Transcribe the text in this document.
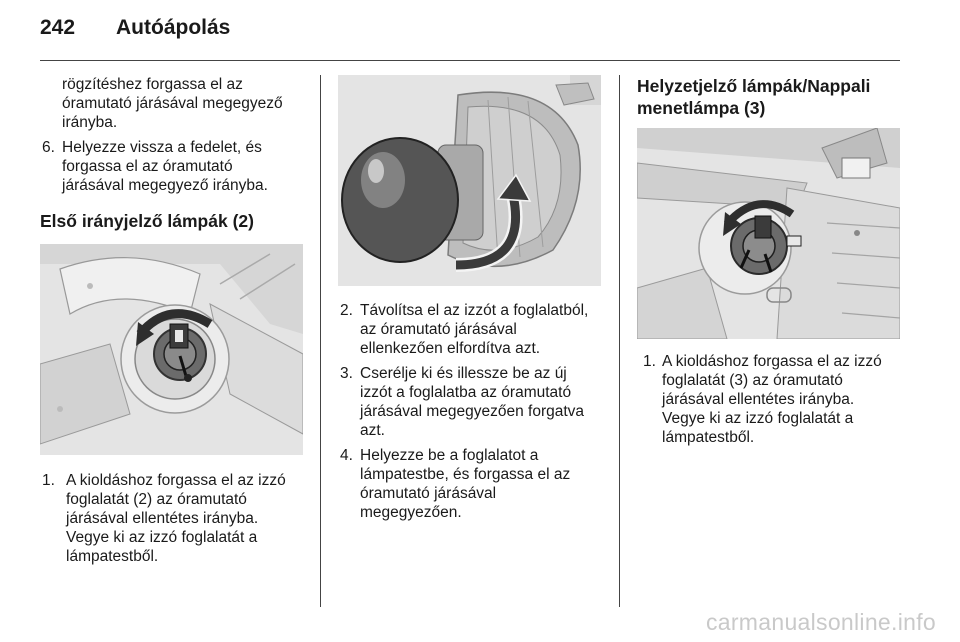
242 Autóápolás

rögzítéshez forgassa el az

óramutató járásával megegyező

irányba.

6. Helyezze vissza a fedelet, és

forgassa el az óramutató

járásával megegyező irányba.

Első irányjelző lámpák (2)

1. A kioldáshoz forgassa el az izzó

foglalatát (2) az óramutató

járásával ellentétes irányba.

Vegye ki az izzó foglalatát a

lámpatestből.

2. Távolítsa el az izzót a foglalatból,

az óramutató járásával

ellenkezően elfordítva azt.

3. Cserélje ki és illessze be az új

izzót a foglalatba az óramutató

járásával megegyezően forgatva

azt.

4. Helyezze be a foglalatot a

lámpatestbe, és forgassa el az

óramutató járásával

megegyezően.

Helyzetjelző lámpák/Nappali

menetlámpa (3)

1. A kioldáshoz forgassa el az izzó

foglalatát (3) az óramutató

járásával ellentétes irányba.

Vegye ki az izzó foglalatát a

lámpatestből.

carmanualsonline.info
